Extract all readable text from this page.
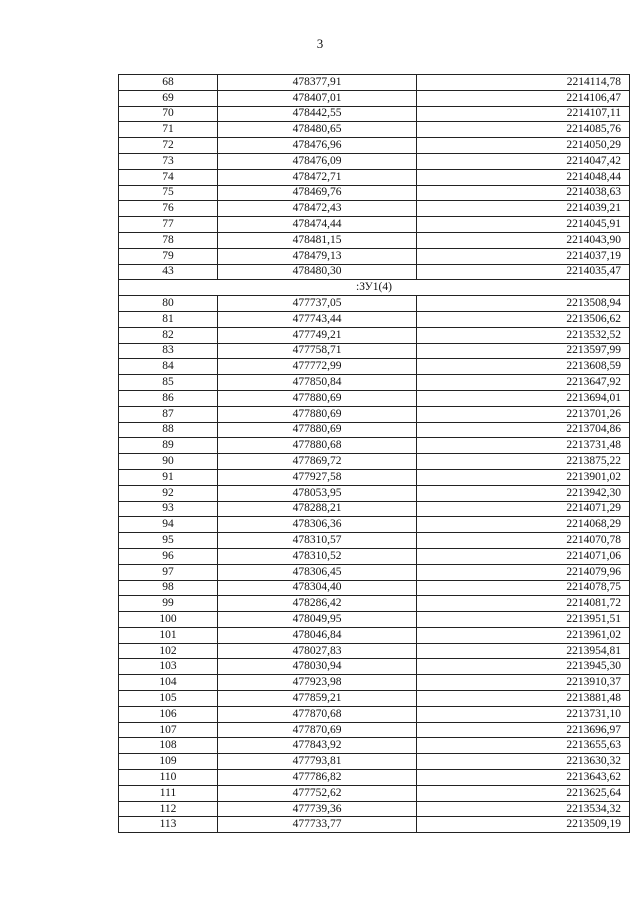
3
68	478377,91	2214114,78
69	478407,01	2214106,47
70	478442,55	2214107,11
71	478480,65	2214085,76
72	478476,96	2214050,29
73	478476,09	2214047,42
74	478472,71	2214048,44
75	478469,76	2214038,63
76	478472,43	2214039,21
77	478474,44	2214045,91
78	478481,15	2214043,90
79	478479,13	2214037,19
43	478480,30	2214035,47
:ЗУ1(4)		
80	477737,05	2213508,94
81	477743,44	2213506,62
82	477749,21	2213532,52
83	477758,71	2213597,99
84	477772,99	2213608,59
85	477850,84	2213647,92
86	477880,69	2213694,01
87	477880,69	2213701,26
88	477880,69	2213704,86
89	477880,68	2213731,48
90	477869,72	2213875,22
91	477927,58	2213901,02
92	478053,95	2213942,30
93	478288,21	2214071,29
94	478306,36	2214068,29
95	478310,57	2214070,78
96	478310,52	2214071,06
97	478306,45	2214079,96
98	478304,40	2214078,75
99	478286,42	2214081,72
100	478049,95	2213951,51
101	478046,84	2213961,02
102	478027,83	2213954,81
103	478030,94	2213945,30
104	477923,98	2213910,37
105	477859,21	2213881,48
106	477870,68	2213731,10
107	477870,69	2213696,97
108	477843,92	2213655,63
109	477793,81	2213630,32
110	477786,82	2213643,62
111	477752,62	2213625,64
112	477739,36	2213534,32
113	477733,77	2213509,19
